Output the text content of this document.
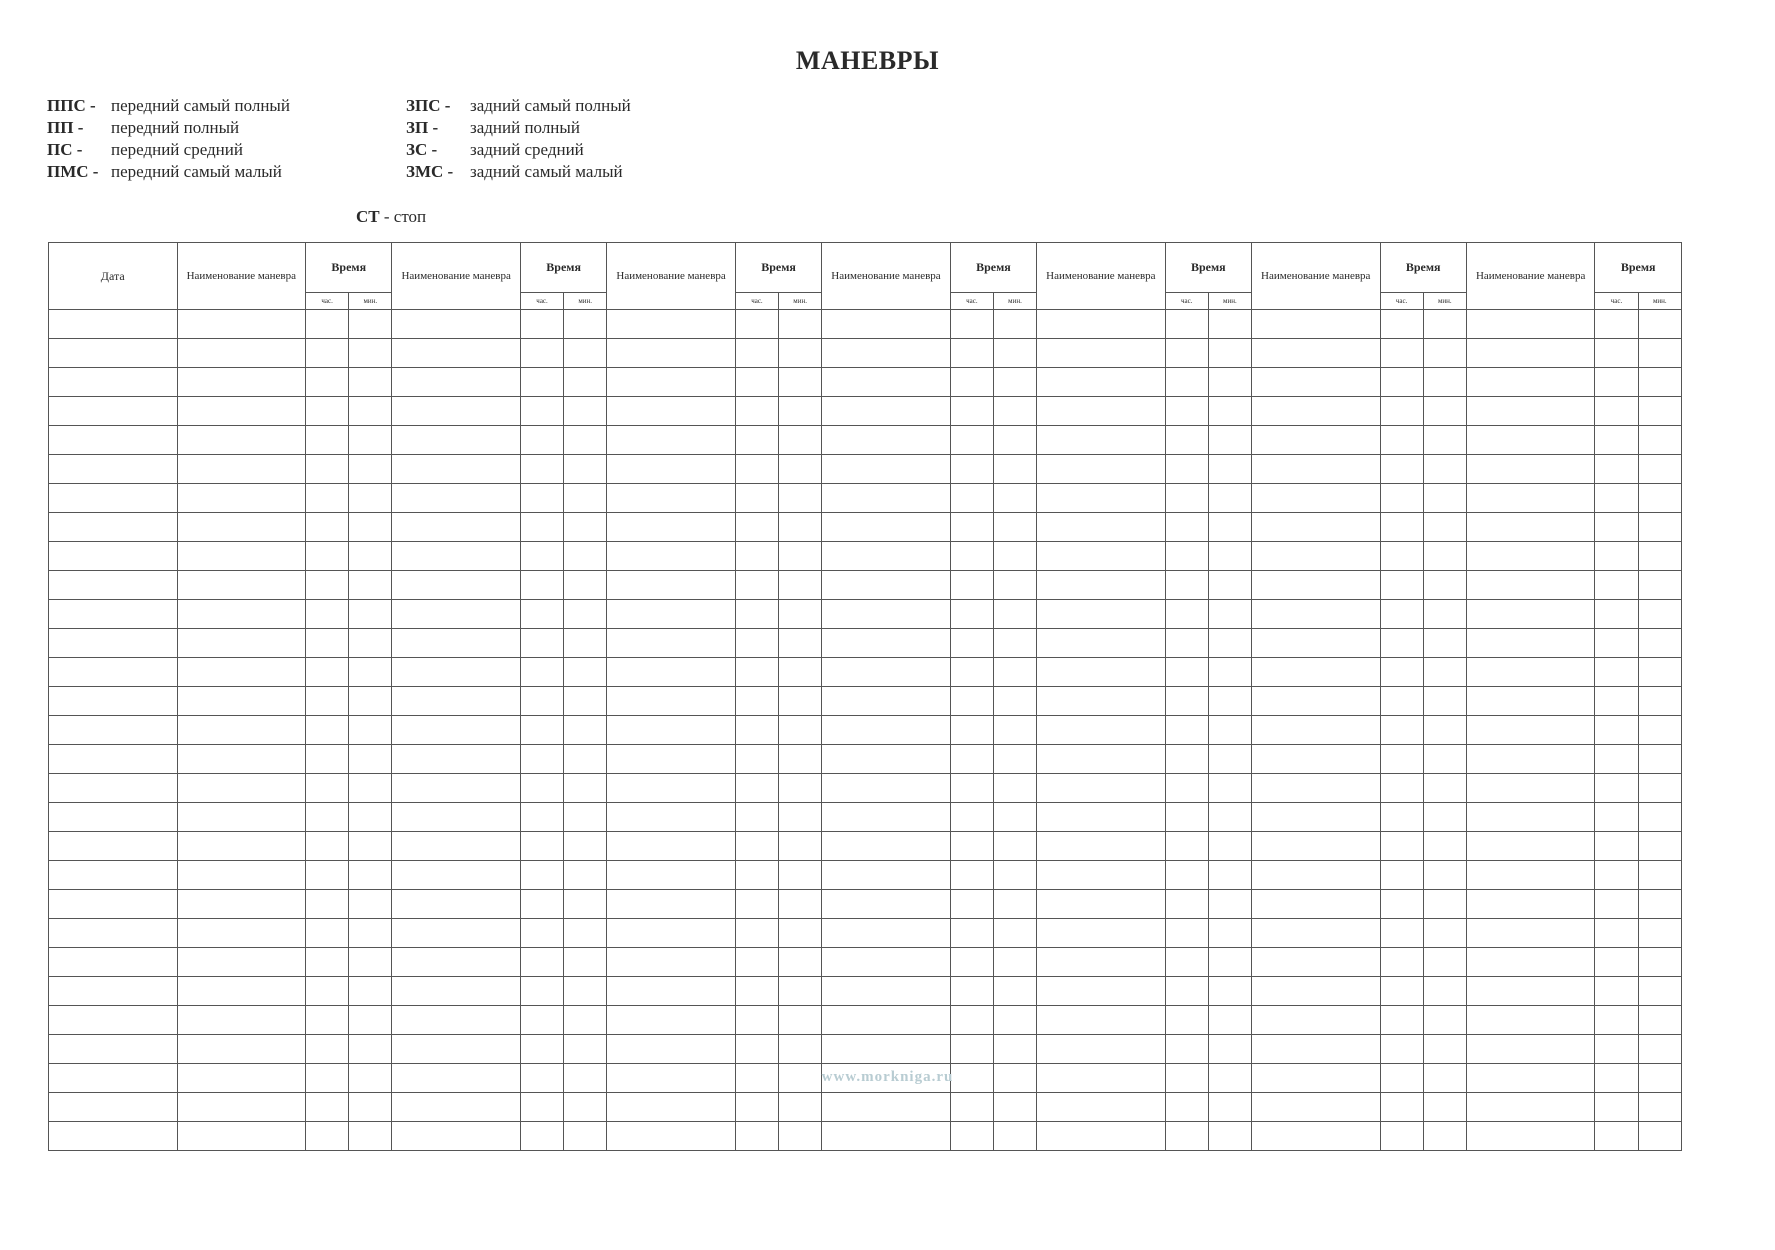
МАНЕВРЫ
ППС - передний самый полный
ПП - передний полный
ПС - передний средний
ПМС - передний самый малый
ЗПС - задний самый полный
ЗП - задний полный
ЗС - задний средний
ЗМС - задний самый малый
СТ - стоп
Дата	Наименование маневра	Время		Наименование маневра	Время		Наименование маневра	Время		Наименование маневра	Время		Наименование маневра	Время		Наименование маневра	Время		Наименование маневра	Время	
		час.	мин.		час.	мин.		час.	мин.		час.	мин.		час.	мин.		час.	мин.		час.	мин.

www.morkniga.ru
